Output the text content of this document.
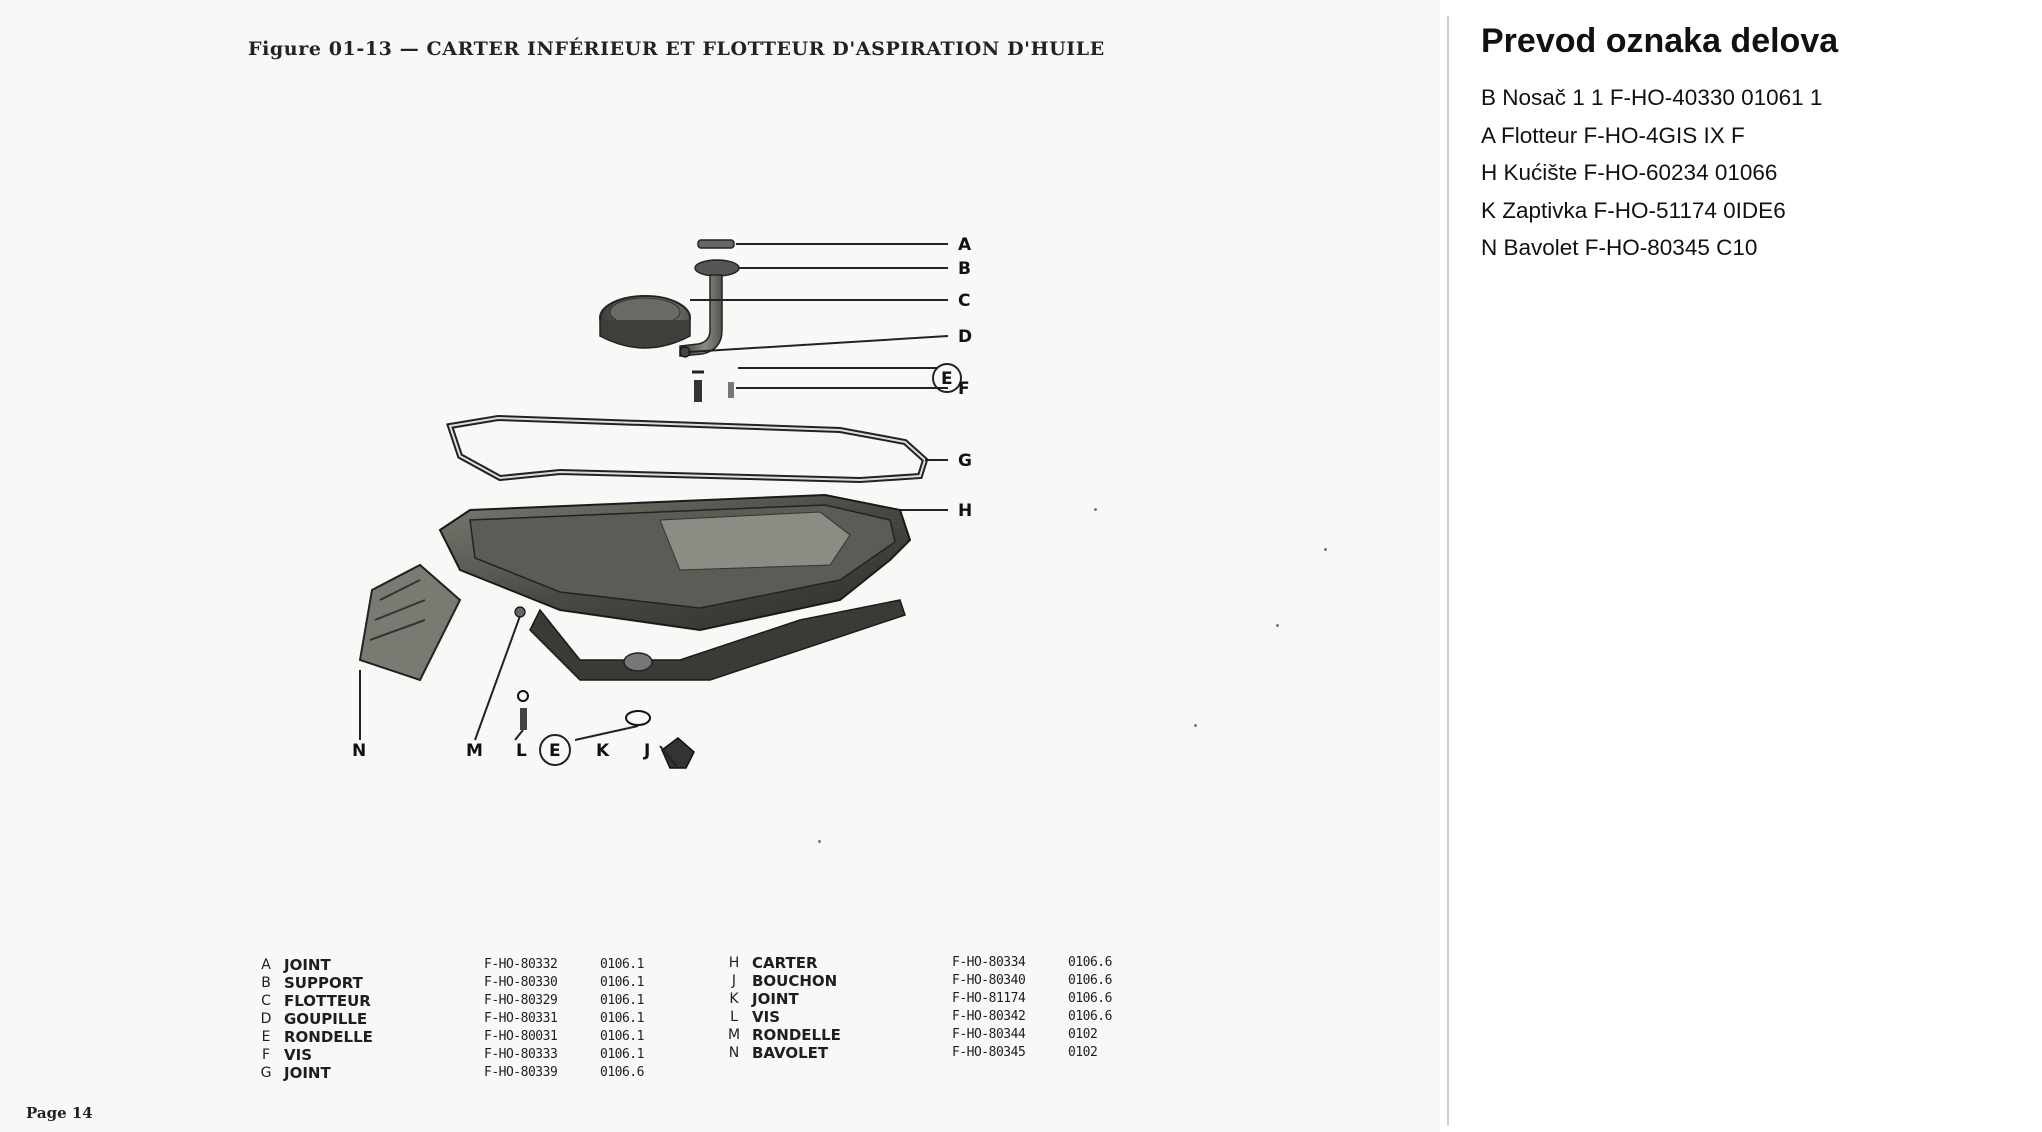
Figure 01-13 — CARTER INFÉRIEUR ET FLOTTEUR D'ASPIRATION D'HUILE
A
B
C
D
E F
G
H
N	M L E K J
A	JOINT	F-HO-80332	0106.1
B	SUPPORT	F-HO-80330	0106.1
C	FLOTTEUR	F-HO-80329	0106.1
D	GOUPILLE	F-HO-80331	0106.1
E	RONDELLE	F-HO-80031	0106.1
F	VIS	F-HO-80333	0106.1
G	JOINT	F-HO-80339	0106.6
H	CARTER	F-HO-80334	0106.6
J	BOUCHON	F-HO-80340	0106.6
K	JOINT	F-HO-81174	0106.6
L	VIS	F-HO-80342	0106.6
M	RONDELLE	F-HO-80344	0102
N	BAVOLET	F-HO-80345	0102
Page 14
Prevod oznaka delova
B Nosač 1 1 F-HO-40330 01061 1
A Flotteur F-HO-4GIS IX F
H Kućište F-HO-60234 01066
K Zaptivka F-HO-51174 0IDE6
N Bavolet F-HO-80345 C10
